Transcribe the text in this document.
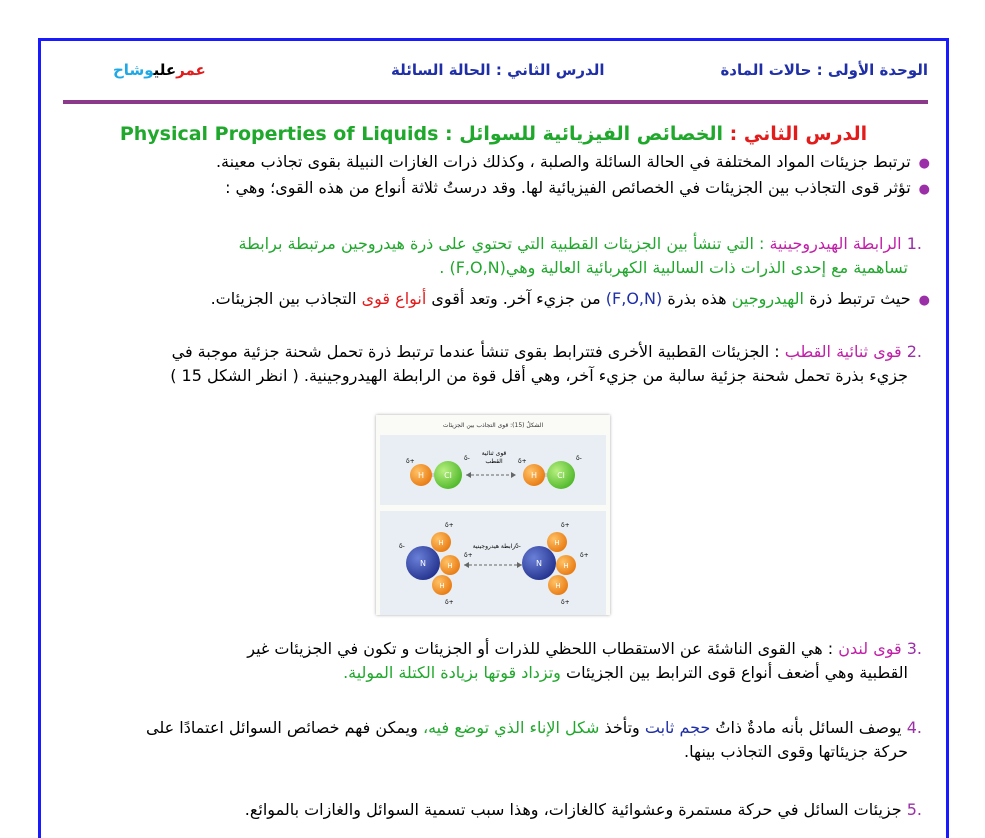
الوحدة الأولى : حالات المادة
الدرس الثاني : الحالة السائلة
عمرعليوشاح
Physical Properties of Liquids	الدرس الثاني : الخصائص الفيزيائية للسوائل :
●ترتبط جزيئات المواد المختلفة في الحالة السائلة والصلبة ، وكذلك ذرات الغازات النبيلة بقوى تجاذب معينة.
●تؤثر قوى التجاذب بين الجزيئات في الخصائص الفيزيائية لها. وقد درستُ ثلاثة أنواع من هذه القوى؛ وهي :
.1 الرابطة الهيدروجينية : التي تنشأ بين الجزيئات القطبية التي تحتوي على ذرة هيدروجين مرتبطة برابطة
تساهمية مع إحدى الذرات ذات السالبية الكهربائية العالية وهي(F,O,N) .
●حيث ترتبط ذرة الهيدروجين هذه بذرة (F,O,N) من جزيء آخر. وتعد أقوى أنواع قوى التجاذب بين الجزيئات.
.2 قوى ثنائية القطب : الجزيئات القطبية الأخرى فتترابط بقوى تنشأ عندما ترتبط ذرة تحمل شحنة جزئية موجبة في
جزيء بذرة تحمل شحنة جزئية سالبة من جزيء آخر، وهي أقل قوة من الرابطة الهيدروجينية. ( انظر الشكل 15 )
الشكلُ (15): قوى التجاذب بين الجزيئات
H	Cl
δ+	δ-
قوى ثنائية
القطب
H	Cl
δ+	δ-
N
H
H
H
δ-
δ+
δ+
δ+
رابطة هيدروجينية
N
H
H
H
δ-
δ+
δ+
δ+
.3 قوى لندن : هي القوى الناشئة عن الاستقطاب اللحظي للذرات أو الجزيئات و تكون في الجزيئات غير
القطبية وهي أضعف أنواع قوى الترابط بين الجزيئات وتزداد قوتها بزيادة الكتلة المولية.
.4 يوصف السائل بأنه مادةٌ ذاتُ حجم ثابت وتأخذ شكل الإناء الذي توضع فيه، ويمكن فهم خصائص السوائل اعتمادًا على
حركة جزيئاتها وقوى التجاذب بينها.
.5 جزيئات السائل في حركة مستمرة وعشوائية كالغازات، وهذا سبب تسمية السوائل والغازات بالموائع.
